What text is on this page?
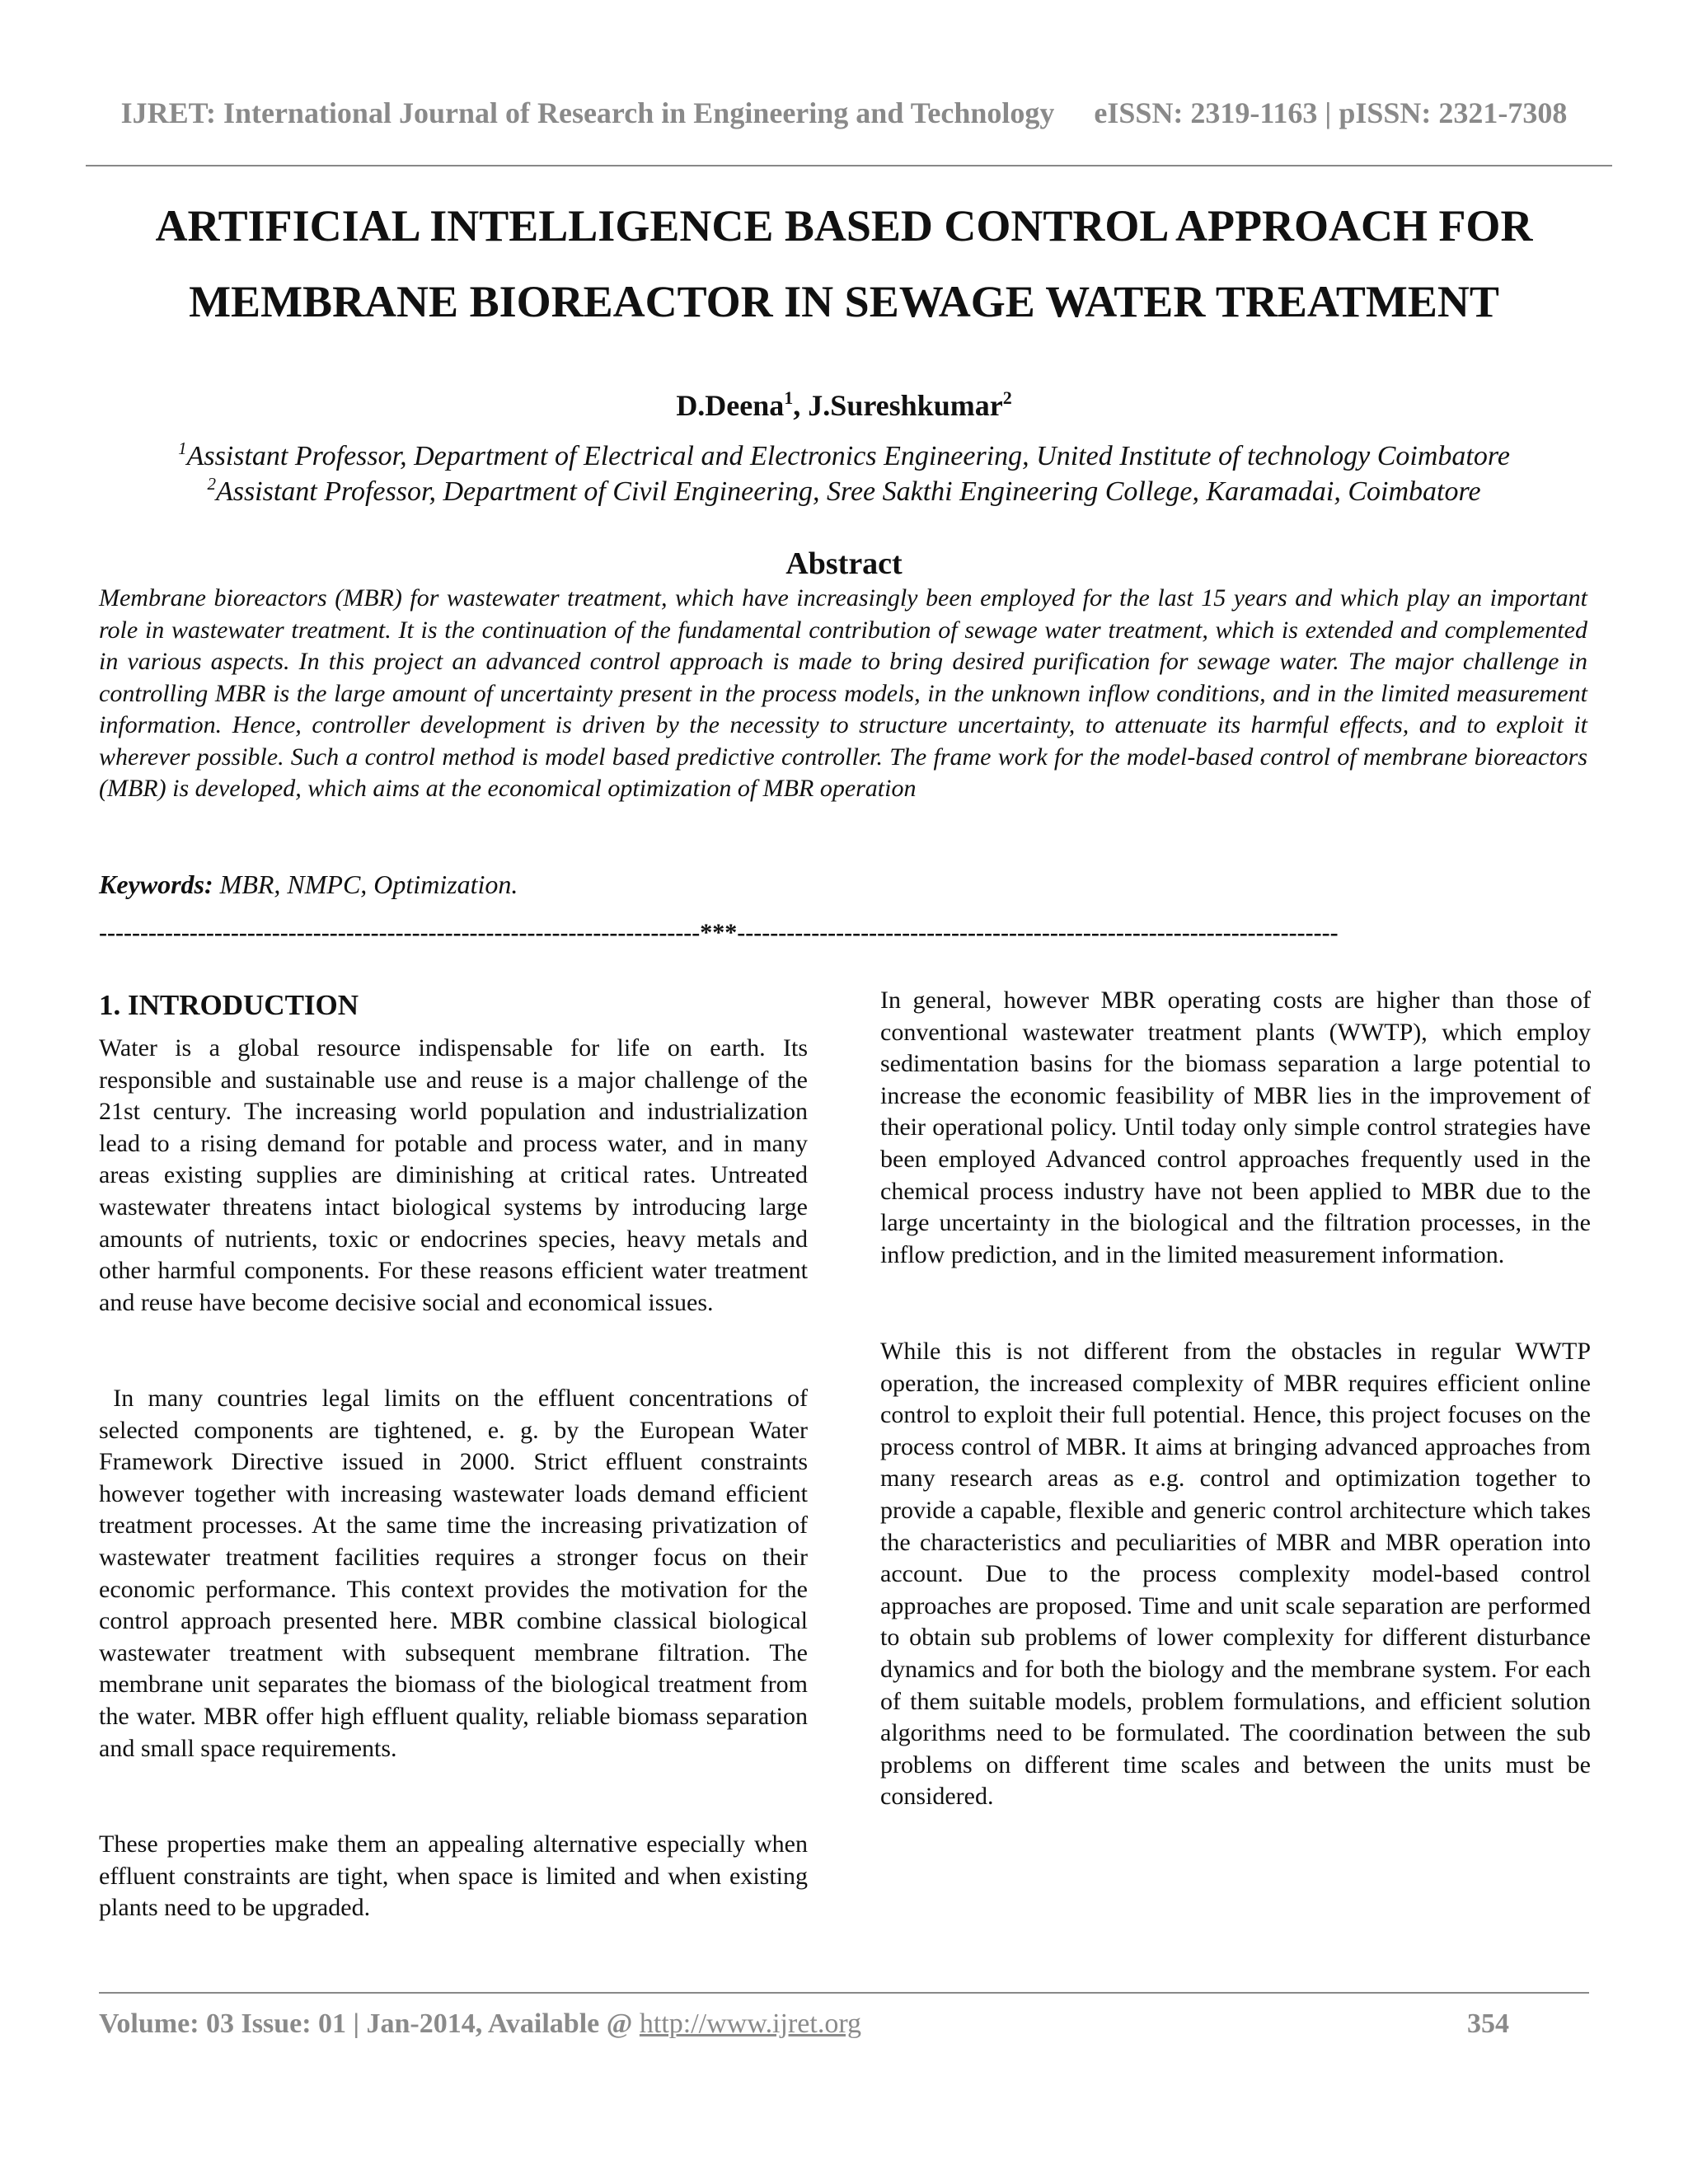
IJRET: International Journal of Research in Engineering and Technology eISSN: 2319-1163 | pISSN: 2321-7308
ARTIFICIAL INTELLIGENCE BASED CONTROL APPROACH FOR
MEMBRANE BIOREACTOR IN SEWAGE WATER TREATMENT
D.Deena$^1$, J.Sureshkumar$^2$
$^1$Assistant Professor, Department of Electrical and Electronics Engineering, United Institute of technology Coimbatore
$^2$Assistant Professor, Department of Civil Engineering, Sree Sakthi Engineering College, Karamadai, Coimbatore
Abstract
Membrane bioreactors (MBR) for wastewater treatment, which have increasingly been employed for the last 15 years and which play an important role in wastewater treatment. It is the continuation of the fundamental contribution of sewage water treatment, which is extended and complemented in various aspects. In this project an advanced control approach is made to bring desired purification for sewage water. The major challenge in controlling MBR is the large amount of uncertainty present in the process models, in the unknown inflow conditions, and in the limited measurement information. Hence, controller development is driven by the necessity to structure uncertainty, to attenuate its harmful effects, and to exploit it wherever possible. Such a control method is model based predictive controller. The frame work for the model-based control of membrane bioreactors (MBR) is developed, which aims at the economical optimization of MBR operation
Keywords: MBR, NMPC, Optimization.
-------------------------------------------------------------------------***-------------------------------------------------------------------------
1. INTRODUCTION

Water is a global resource indispensable for life on earth. Its responsible and sustainable use and reuse is a major challenge of the 21st century. The increasing world population and industrialization lead to a rising demand for potable and process water, and in many areas existing supplies are diminishing at critical rates. Untreated wastewater threatens intact biological systems by introducing large amounts of nutrients, toxic or endocrines species, heavy metals and other harmful components. For these reasons efficient water treatment and reuse have become decisive social and economical issues.

In many countries legal limits on the effluent concentrations of selected components are tightened, e. g. by the European Water Framework Directive issued in 2000. Strict effluent constraints however together with increasing wastewater loads demand efficient treatment processes. At the same time the increasing privatization of wastewater treatment facilities requires a stronger focus on their economic performance. This context provides the motivation for the control approach presented here. MBR combine classical biological wastewater treatment with subsequent membrane filtration. The membrane unit separates the biomass of the biological treatment from the water. MBR offer high effluent quality, reliable biomass separation and small space requirements.

These properties make them an appealing alternative especially when effluent constraints are tight, when space is limited and when existing plants need to be upgraded.

In general, however MBR operating costs are higher than those of conventional wastewater treatment plants (WWTP), which employ sedimentation basins for the biomass separation a large potential to increase the economic feasibility of MBR lies in the improvement of their operational policy. Until today only simple control strategies have been employed Advanced control approaches frequently used in the chemical process industry have not been applied to MBR due to the large uncertainty in the biological and the filtration processes, in the inflow prediction, and in the limited measurement information.

While this is not different from the obstacles in regular WWTP operation, the increased complexity of MBR requires efficient online control to exploit their full potential. Hence, this project focuses on the process control of MBR. It aims at bringing advanced approaches from many research areas as e.g. control and optimization together to provide a capable, flexible and generic control architecture which takes the characteristics and peculiarities of MBR and MBR operation into account. Due to the process complexity model-based control approaches are proposed. Time and unit scale separation are performed to obtain sub problems of lower complexity for different disturbance dynamics and for both the biology and the membrane system. For each of them suitable models, problem formulations, and efficient solution algorithms need to be formulated. The coordination between the sub problems on different time scales and between the units must be considered.

Volume: 03 Issue: 01 | Jan-2014, Available @ http://www.ijret.org	354
